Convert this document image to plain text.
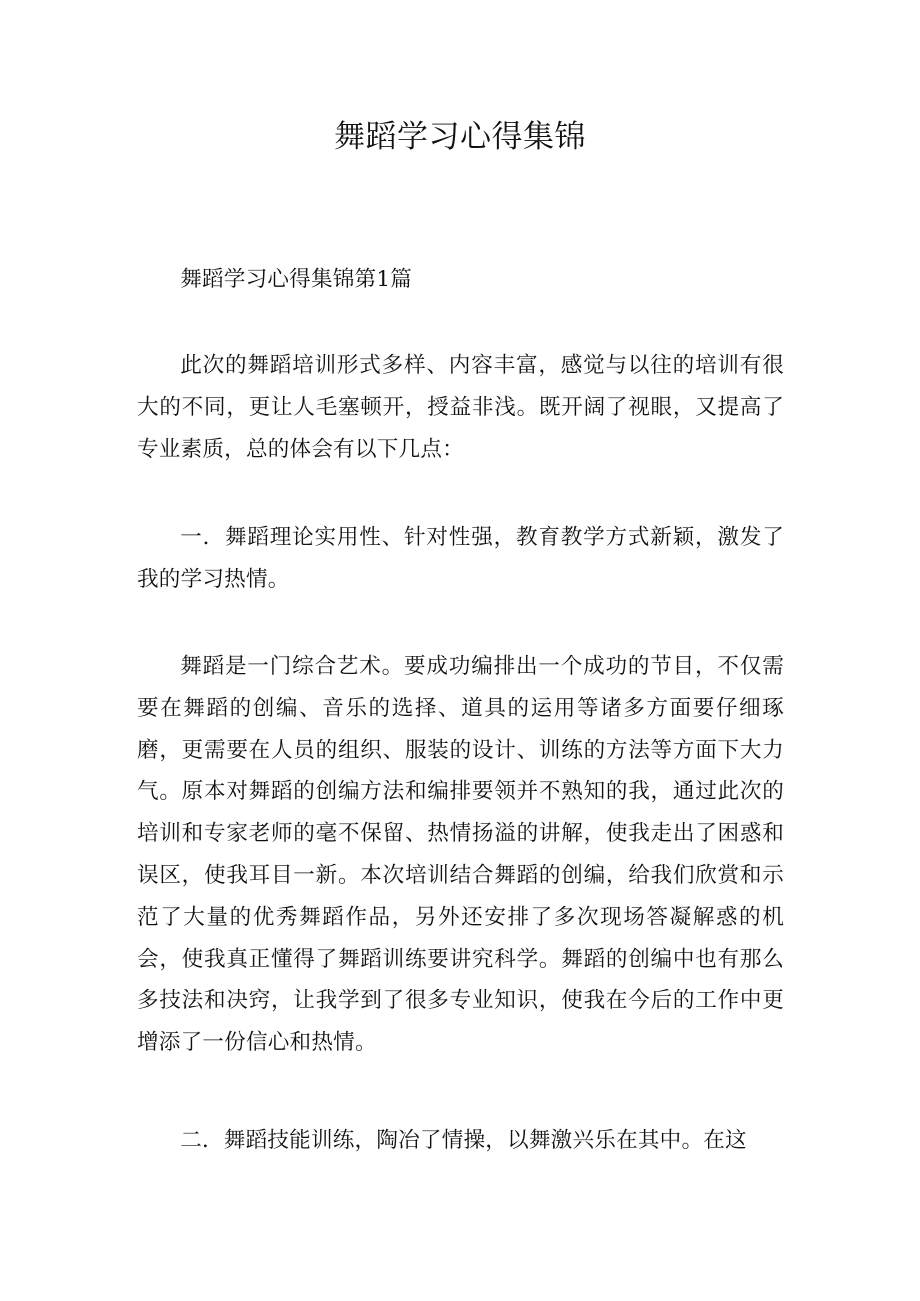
舞蹈学习心得集锦

舞蹈学习心得集锦第1篇

此次的舞蹈培训形式多样、内容丰富，感觉与以往的培训有很大的不同，更让人毛塞顿开，授益非浅。既开阔了视眼，又提高了专业素质，总的体会有以下几点：

一．舞蹈理论实用性、针对性强，教育教学方式新颖，激发了我的学习热情。

舞蹈是一门综合艺术。要成功编排出一个成功的节目，不仅需要在舞蹈的创编、音乐的选择、道具的运用等诸多方面要仔细琢磨，更需要在人员的组织、服装的设计、训练的方法等方面下大力气。原本对舞蹈的创编方法和编排要领并不熟知的我，通过此次的培训和专家老师的毫不保留、热情扬溢的讲解，使我走出了困惑和误区，使我耳目一新。本次培训结合舞蹈的创编，给我们欣赏和示范了大量的优秀舞蹈作品，另外还安排了多次现场答凝解惑的机会，使我真正懂得了舞蹈训练要讲究科学。舞蹈的创编中也有那么多技法和决窍，让我学到了很多专业知识，使我在今后的工作中更增添了一份信心和热情。

二．舞蹈技能训练，陶冶了情操，以舞激兴乐在其中。在这
